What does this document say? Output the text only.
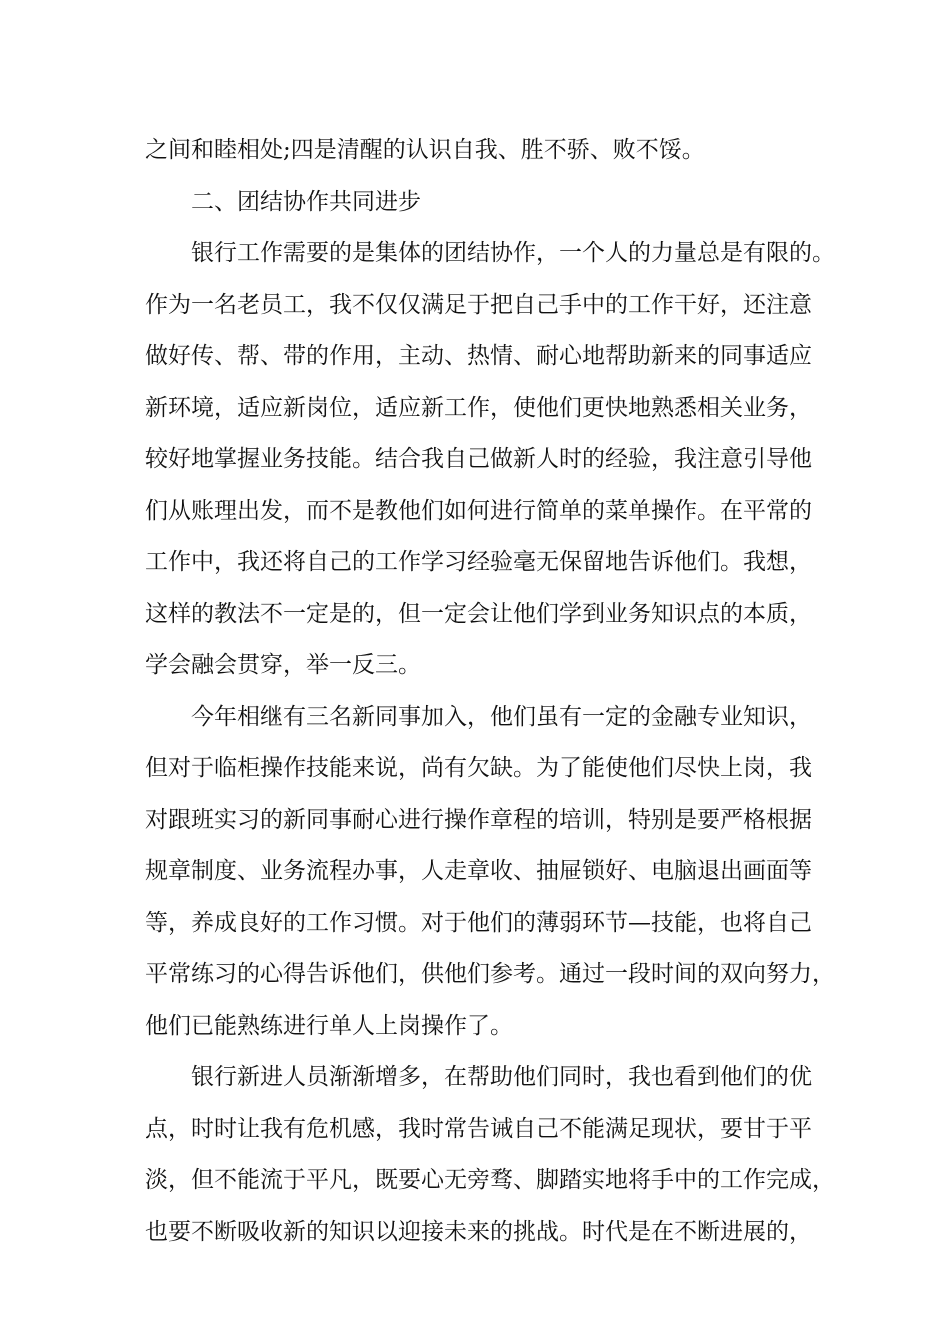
之间和睦相处;四是清醒的认识自我、胜不骄、败不馁。
二、团结协作共同进步
银行工作需要的是集体的团结协作，一个人的力量总是有限的。
作为一名老员工，我不仅仅满足于把自己手中的工作干好，还注意
做好传、帮、带的作用，主动、热情、耐心地帮助新来的同事适应
新环境，适应新岗位，适应新工作，使他们更快地熟悉相关业务，
较好地掌握业务技能。结合我自己做新人时的经验，我注意引导他
们从账理出发，而不是教他们如何进行简单的菜单操作。在平常的
工作中，我还将自己的工作学习经验毫无保留地告诉他们。我想，
这样的教法不一定是的，但一定会让他们学到业务知识点的本质，
学会融会贯穿，举一反三。
今年相继有三名新同事加入，他们虽有一定的金融专业知识，
但对于临柜操作技能来说，尚有欠缺。为了能使他们尽快上岗，我
对跟班实习的新同事耐心进行操作章程的培训，特别是要严格根据
规章制度、业务流程办事，人走章收、抽屉锁好、电脑退出画面等
等，养成良好的工作习惯。对于他们的薄弱环节—技能，也将自己
平常练习的心得告诉他们，供他们参考。通过一段时间的双向努力，
他们已能熟练进行单人上岗操作了。
银行新进人员渐渐增多，在帮助他们同时，我也看到他们的优
点，时时让我有危机感，我时常告诫自己不能满足现状，要甘于平
淡，但不能流于平凡，既要心无旁骛、脚踏实地将手中的工作完成，
也要不断吸收新的知识以迎接未来的挑战。时代是在不断进展的，
